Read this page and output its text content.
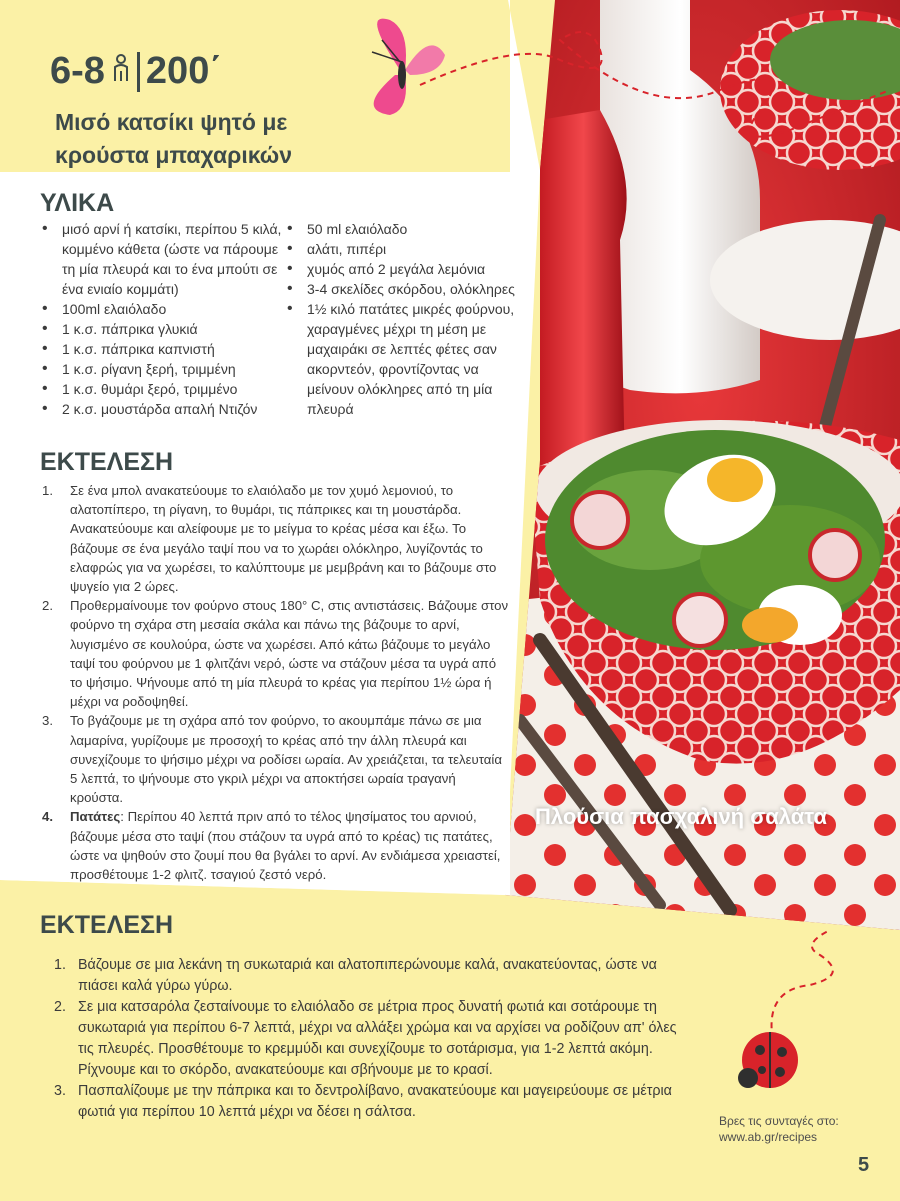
6-8 200΄
Μισό κατσίκι ψητό με κρούστα μπαχαρικών
ΥΛΙΚΑ
• μισό αρνί ή κατσίκι, περίπου 5 κιλά, κομμένο κάθετα (ώστε να πάρουμε τη μία πλευρά και το ένα μπούτι σε ένα ενιαίο κομμάτι)
• 100ml ελαιόλαδο
• 1 κ.σ. πάπρικα γλυκιά
• 1 κ.σ. πάπρικα καπνιστή
• 1 κ.σ. ρίγανη ξερή, τριμμένη
• 1 κ.σ. θυμάρι ξερό, τριμμένο
• 2 κ.σ. μουστάρδα απαλή Ντιζόν
• 50 ml ελαιόλαδο
• αλάτι, πιπέρι
• χυμός από 2 μεγάλα λεμόνια
• 3-4 σκελίδες σκόρδου, ολόκληρες
• 1½ κιλό πατάτες μικρές φούρνου, χαραγμένες μέχρι τη μέση με μαχαιράκι σε λεπτές φέτες σαν ακορντεόν, φροντίζοντας να μείνουν ολόκληρες από τη μία πλευρά
ΕΚΤΕΛΕΣΗ
1. Σε ένα μπολ ανακατεύουμε το ελαιόλαδο με τον χυμό λεμονιού, το αλατοπίπερο, τη ρίγανη, το θυμάρι, τις πάπρικες και τη μουστάρδα. Ανακατεύουμε και αλείφουμε με το μείγμα το κρέας μέσα και έξω. Το βάζουμε σε ένα μεγάλο ταψί που να το χωράει ολόκληρο, λυγίζοντάς το ελαφρώς για να χωρέσει, το καλύπτουμε με μεμβράνη και το βάζουμε στο ψυγείο για 2 ώρες.
2. Προθερμαίνουμε τον φούρνο στους 180° C, στις αντιστάσεις. Βάζουμε στον φούρνο τη σχάρα στη μεσαία σκάλα και πάνω της βάζουμε το αρνί, λυγισμένο σε κουλούρα, ώστε να χωρέσει. Από κάτω βάζουμε το μεγάλο ταψί του φούρνου με 1 φλιτζάνι νερό, ώστε να στάζουν μέσα τα υγρά από το ψήσιμο. Ψήνουμε από τη μία πλευρά το κρέας για περίπου 1½ ώρα ή μέχρι να ροδοψηθεί.
3. Το βγάζουμε με τη σχάρα από τον φούρνο, το ακουμπάμε πάνω σε μια λαμαρίνα, γυρίζουμε με προσοχή το κρέας από την άλλη πλευρά και συνεχίζουμε το ψήσιμο μέχρι να ροδίσει ωραία. Αν χρειάζεται, τα τελευταία 5 λεπτά, το ψήνουμε στο γκριλ μέχρι να αποκτήσει ωραία τραγανή κρούστα.
4. Πατάτες: Περίπου 40 λεπτά πριν από το τέλος ψησίματος του αρνιού, βάζουμε μέσα στο ταψί (που στάζουν τα υγρά από το κρέας) τις πατάτες, ώστε να ψηθούν στο ζουμί που θα βγάλει το αρνί. Αν ενδιάμεσα χρειαστεί, προσθέτουμε 1-2 φλιτζ. τσαγιού ζεστό νερό.
Πλούσια πασχαλινή σαλάτα
ΕΚΤΕΛΕΣΗ
1. Βάζουμε σε μια λεκάνη τη συκωταριά και αλατοπιπερώνουμε καλά, ανακατεύοντας, ώστε να πιάσει καλά γύρω γύρω.
2. Σε μια κατσαρόλα ζεσταίνουμε το ελαιόλαδο σε μέτρια προς δυνατή φωτιά και σοτάρουμε τη συκωταριά για περίπου 6-7 λεπτά, μέχρι να αλλάξει χρώμα και να αρχίσει να ροδίζουν απ' όλες τις πλευρές. Προσθέτουμε το κρεμμύδι και συνεχίζουμε το σοτάρισμα, για 1-2 λεπτά ακόμη. Ρίχνουμε και το σκόρδο, ανακατεύουμε και σβήνουμε με το κρασί.
3. Πασπαλίζουμε με την πάπρικα και το δεντρολίβανο, ανακατεύουμε και μαγειρεύουμε σε μέτρια φωτιά για περίπου 10 λεπτά μέχρι να δέσει η σάλτσα.
Βρες τις συνταγές στο:
www.ab.gr/recipes
5
